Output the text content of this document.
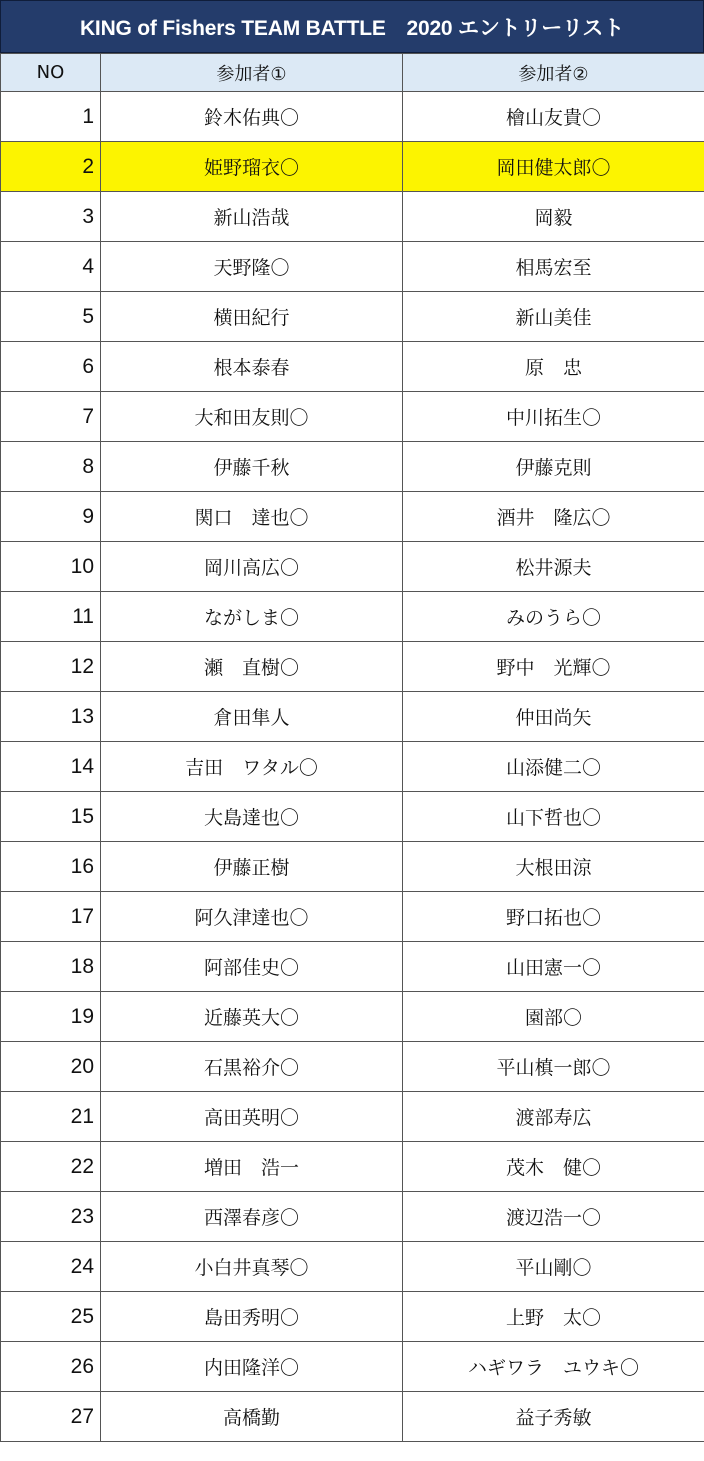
KING of Fishers TEAM BATTLE　2020 エントリーリスト
NO	参加者①	参加者②
1	鈴木佑典〇	檜山友貴〇
2	姫野瑠衣〇	岡田健太郎〇
3	新山浩哉	岡毅
4	天野隆〇	相馬宏至
5	横田紀行	新山美佳
6	根本泰春	原　忠
7	大和田友則〇	中川拓生〇
8	伊藤千秋	伊藤克則
9	関口　達也〇	酒井　隆広〇
10	岡川高広〇	松井源夫
11	ながしま〇	みのうら〇
12	瀬　直樹〇	野中　光輝〇
13	倉田隼人	仲田尚矢
14	吉田　ワタル〇	山添健二〇
15	大島達也〇	山下哲也〇
16	伊藤正樹	大根田涼
17	阿久津達也〇	野口拓也〇
18	阿部佳史〇	山田憲一〇
19	近藤英大〇	園部〇
20	石黒裕介〇	平山槙一郎〇
21	高田英明〇	渡部寿広
22	増田　浩一	茂木　健〇
23	西澤春彦〇	渡辺浩一〇
24	小白井真琴〇	平山剛〇
25	島田秀明〇	上野　太〇
26	内田隆洋〇	ハギワラ　ユウキ〇
27	高橋勤	益子秀敏
